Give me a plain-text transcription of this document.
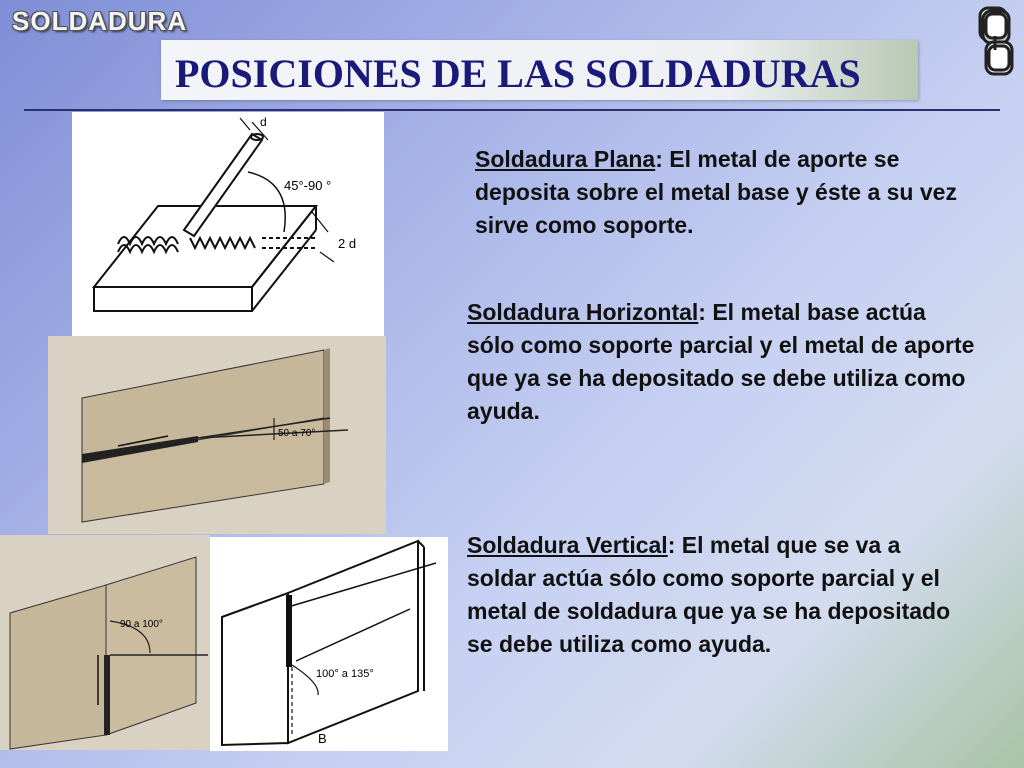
SOLDADURA
POSICIONES DE LAS SOLDADURAS
d
45°-90 °
2 d
50 a 70°
90 a 100°
100° a 135°
B
Soldadura Plana: El metal de aporte se deposita sobre el metal base y éste a su vez sirve como soporte.
Soldadura Horizontal: El metal base actúa sólo como soporte parcial y el metal de aporte que ya se ha depositado se debe utiliza como ayuda.
Soldadura Vertical: El metal que se va a soldar actúa sólo como soporte parcial y el metal de soldadura que ya se ha depositado se debe utiliza como ayuda.
